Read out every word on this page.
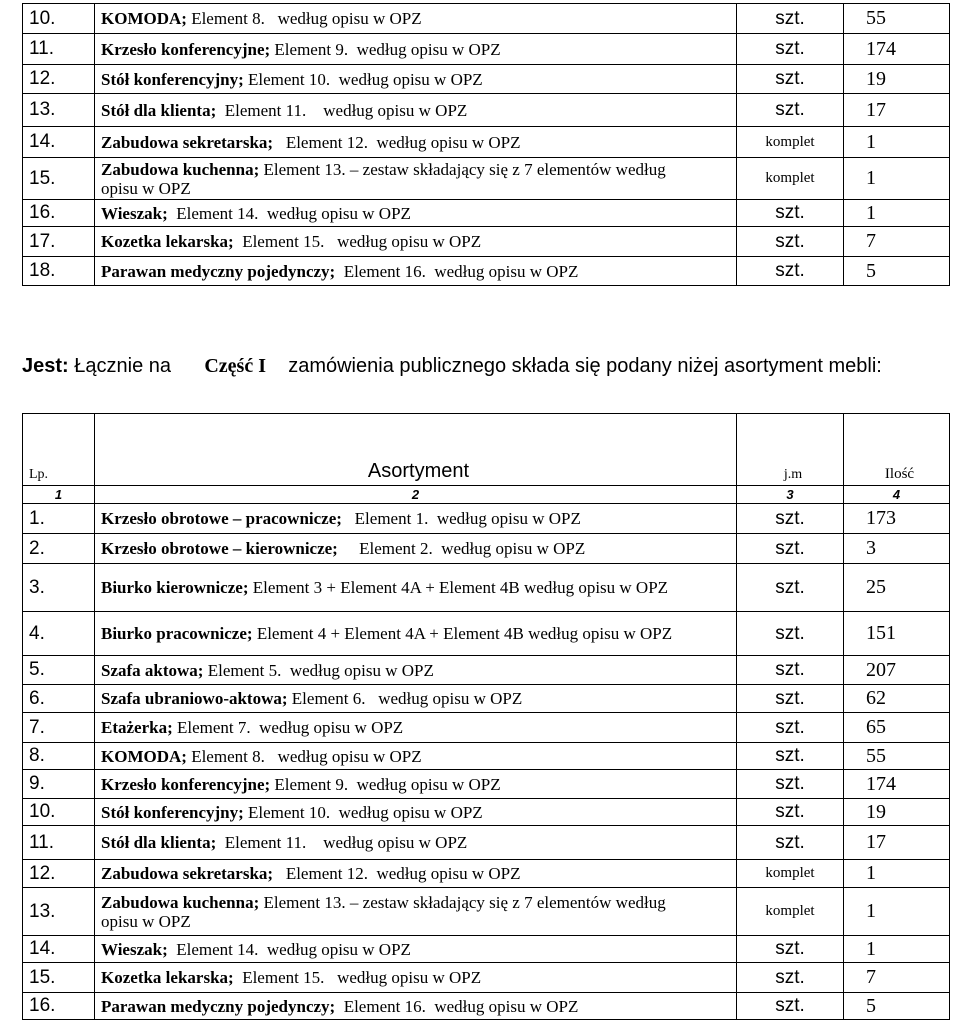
10.	KOMODA; Element 8.   według opisu w OPZ	szt.	55
11.	Krzesło konferencyjne; Element 9.  według opisu w OPZ	szt.	174
12.	Stół konferencyjny; Element 10.  według opisu w OPZ	szt.	19
13.	Stół dla klienta;  Element 11.    według opisu w OPZ	szt.	17
14.	Zabudowa sekretarska;   Element 12.  według opisu w OPZ	komplet	1
15.	Zabudowa kuchenna; Element 13. – zestaw składający się z 7 elementów według opisu w OPZ	komplet	1
16.	Wieszak;  Element 14.  według opisu w OPZ	szt.	1
17.	Kozetka lekarska;  Element 15.   według opisu w OPZ	szt.	7
18.	Parawan medyczny pojedynczy;  Element 16.  według opisu w OPZ	szt.	5
Jest: Łącznie na      Część I    zamówienia publicznego składa się podany niżej asortyment mebli:
Lp.	Asortyment	j.m	Ilość
1	2	3	4
1.	Krzesło obrotowe – pracownicze;   Element 1.  według opisu w OPZ	szt.	173
2.	Krzesło obrotowe – kierownicze;     Element 2.  według opisu w OPZ	szt.	3
3.	Biurko kierownicze; Element 3 + Element 4A + Element 4B według opisu w OPZ	szt.	25
4.	Biurko pracownicze; Element 4 + Element 4A + Element 4B według opisu w OPZ	szt.	151
5.	Szafa aktowa; Element 5.  według opisu w OPZ	szt.	207
6.	Szafa ubraniowo-aktowa; Element 6.   według opisu w OPZ	szt.	62
7.	Etażerka; Element 7.  według opisu w OPZ	szt.	65
8.	KOMODA; Element 8.   według opisu w OPZ	szt.	55
9.	Krzesło konferencyjne; Element 9.  według opisu w OPZ	szt.	174
10.	Stół konferencyjny; Element 10.  według opisu w OPZ	szt.	19
11.	Stół dla klienta;  Element 11.    według opisu w OPZ	szt.	17
12.	Zabudowa sekretarska;   Element 12.  według opisu w OPZ	komplet	1
13.	Zabudowa kuchenna; Element 13. – zestaw składający się z 7 elementów według opisu w OPZ	komplet	1
14.	Wieszak;  Element 14.  według opisu w OPZ	szt.	1
15.	Kozetka lekarska;  Element 15.   według opisu w OPZ	szt.	7
16.	Parawan medyczny pojedynczy;  Element 16.  według opisu w OPZ	szt.	5
